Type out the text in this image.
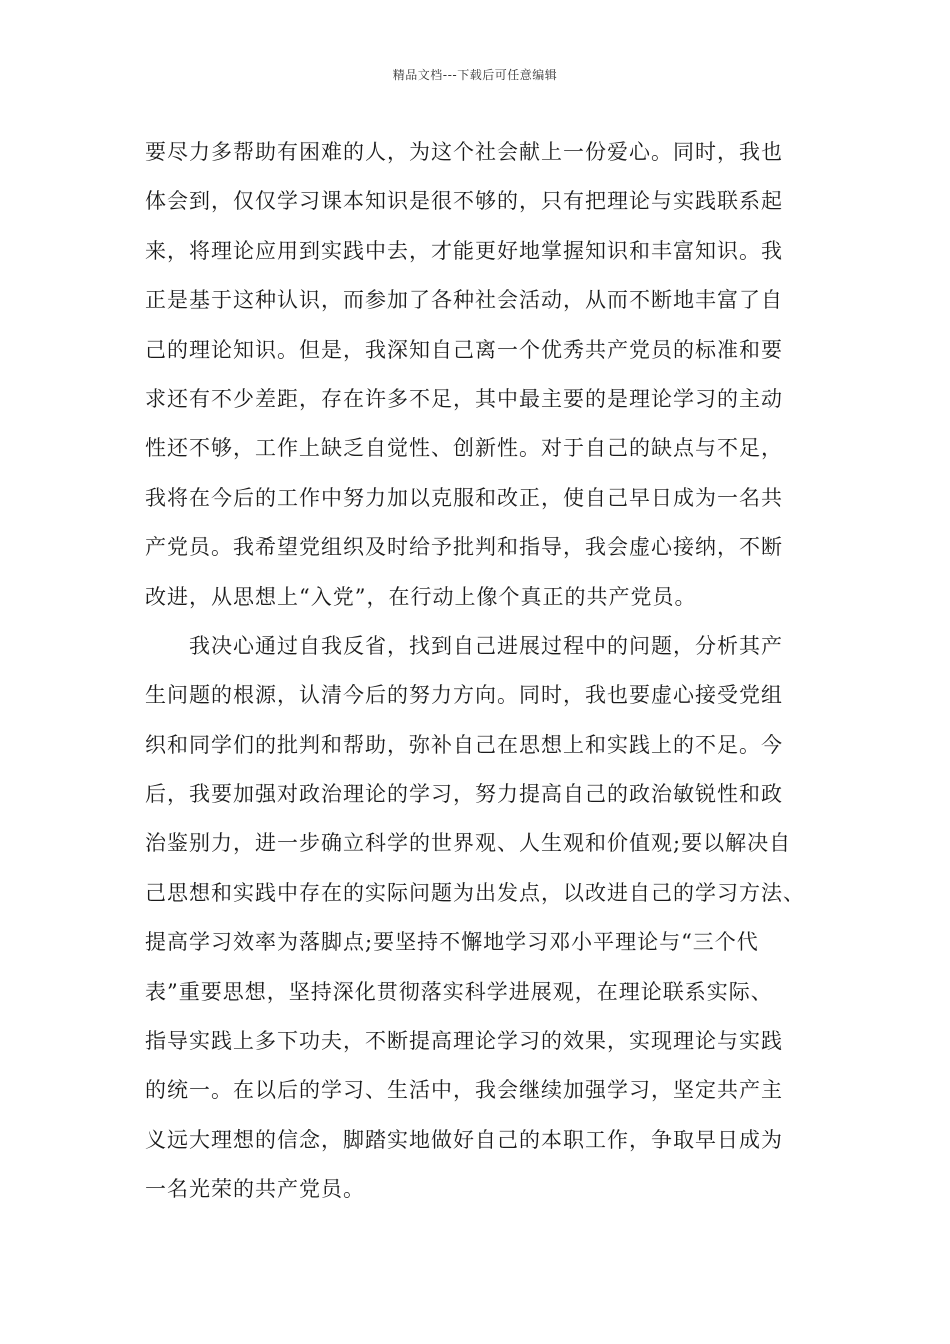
精品文档---下载后可任意编辑
要尽力多帮助有困难的人，为这个社会献上一份爱心。同时，我也
体会到，仅仅学习课本知识是很不够的，只有把理论与实践联系起
来，将理论应用到实践中去，才能更好地掌握知识和丰富知识。我
正是基于这种认识，而参加了各种社会活动，从而不断地丰富了自
己的理论知识。但是，我深知自己离一个优秀共产党员的标准和要
求还有不少差距，存在许多不足，其中最主要的是理论学习的主动
性还不够，工作上缺乏自觉性、创新性。对于自己的缺点与不足，
我将在今后的工作中努力加以克服和改正，使自己早日成为一名共
产党员。我希望党组织及时给予批判和指导，我会虚心接纳，不断
改进，从思想上“入党”，在行动上像个真正的共产党员。
　　我决心通过自我反省，找到自己进展过程中的问题，分析其产
生问题的根源，认清今后的努力方向。同时，我也要虚心接受党组
织和同学们的批判和帮助，弥补自己在思想上和实践上的不足。今
后，我要加强对政治理论的学习，努力提高自己的政治敏锐性和政
治鉴别力，进一步确立科学的世界观、人生观和价值观;要以解决自
己思想和实践中存在的实际问题为出发点，以改进自己的学习方法、
提高学习效率为落脚点;要坚持不懈地学习邓小平理论与“三个代
表”重要思想，坚持深化贯彻落实科学进展观，在理论联系实际、
指导实践上多下功夫，不断提高理论学习的效果，实现理论与实践
的统一。在以后的学习、生活中，我会继续加强学习，坚定共产主
义远大理想的信念，脚踏实地做好自己的本职工作，争取早日成为
一名光荣的共产党员。
